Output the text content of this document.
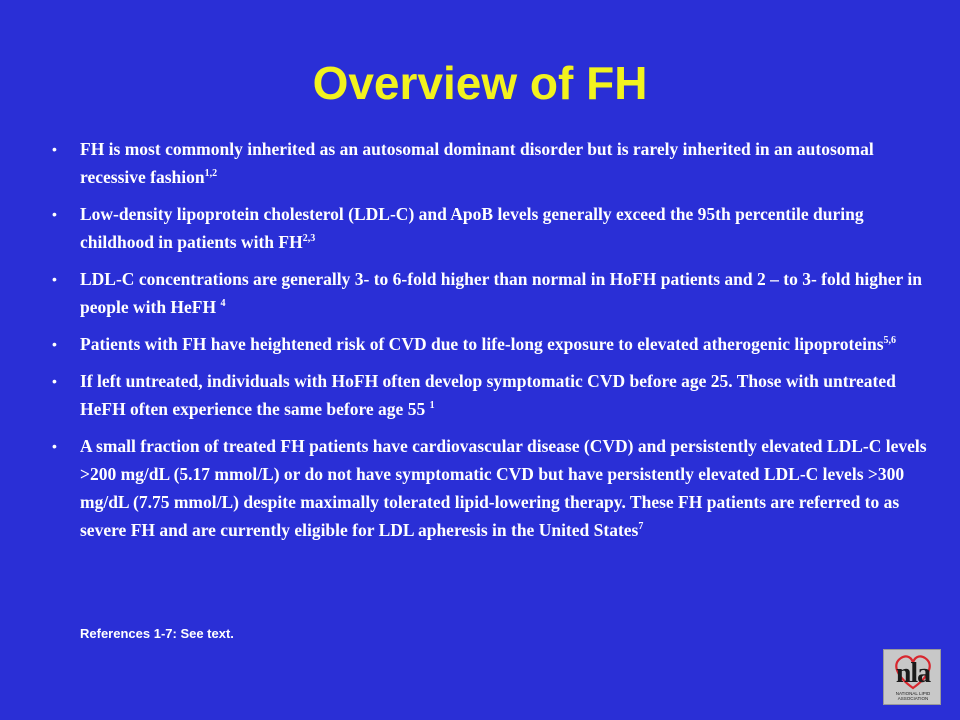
Overview of FH
• FH is most commonly inherited as an autosomal dominant disorder but is rarely inherited in an autosomal recessive fashion$^{1,2}$
• Low-density lipoprotein cholesterol (LDL-C) and ApoB levels generally exceed the 95th percentile during childhood in patients with FH$^{2,3}$
• LDL-C concentrations are generally 3- to 6-fold higher than normal in HoFH patients and 2 – to 3- fold higher in people with HeFH $^4$
• Patients with FH have heightened risk of CVD due to life-long exposure to elevated atherogenic lipoproteins$^{5,6}$
• If left untreated, individuals with HoFH often develop symptomatic CVD before age 25. Those with untreated HeFH often experience the same before age 55 $^1$
• A small fraction of treated FH patients have cardiovascular disease (CVD) and persistently elevated LDL-C levels >200 mg/dL (5.17 mmol/L) or do not have symptomatic CVD but have persistently elevated LDL-C levels >300 mg/dL (7.75 mmol/L) despite maximally tolerated lipid-lowering therapy. These FH patients are referred to as severe FH and are currently eligible for LDL apheresis in the United States$^7$
References 1-7: See text.
nla
NATIONAL LIPID ASSOCIATION
